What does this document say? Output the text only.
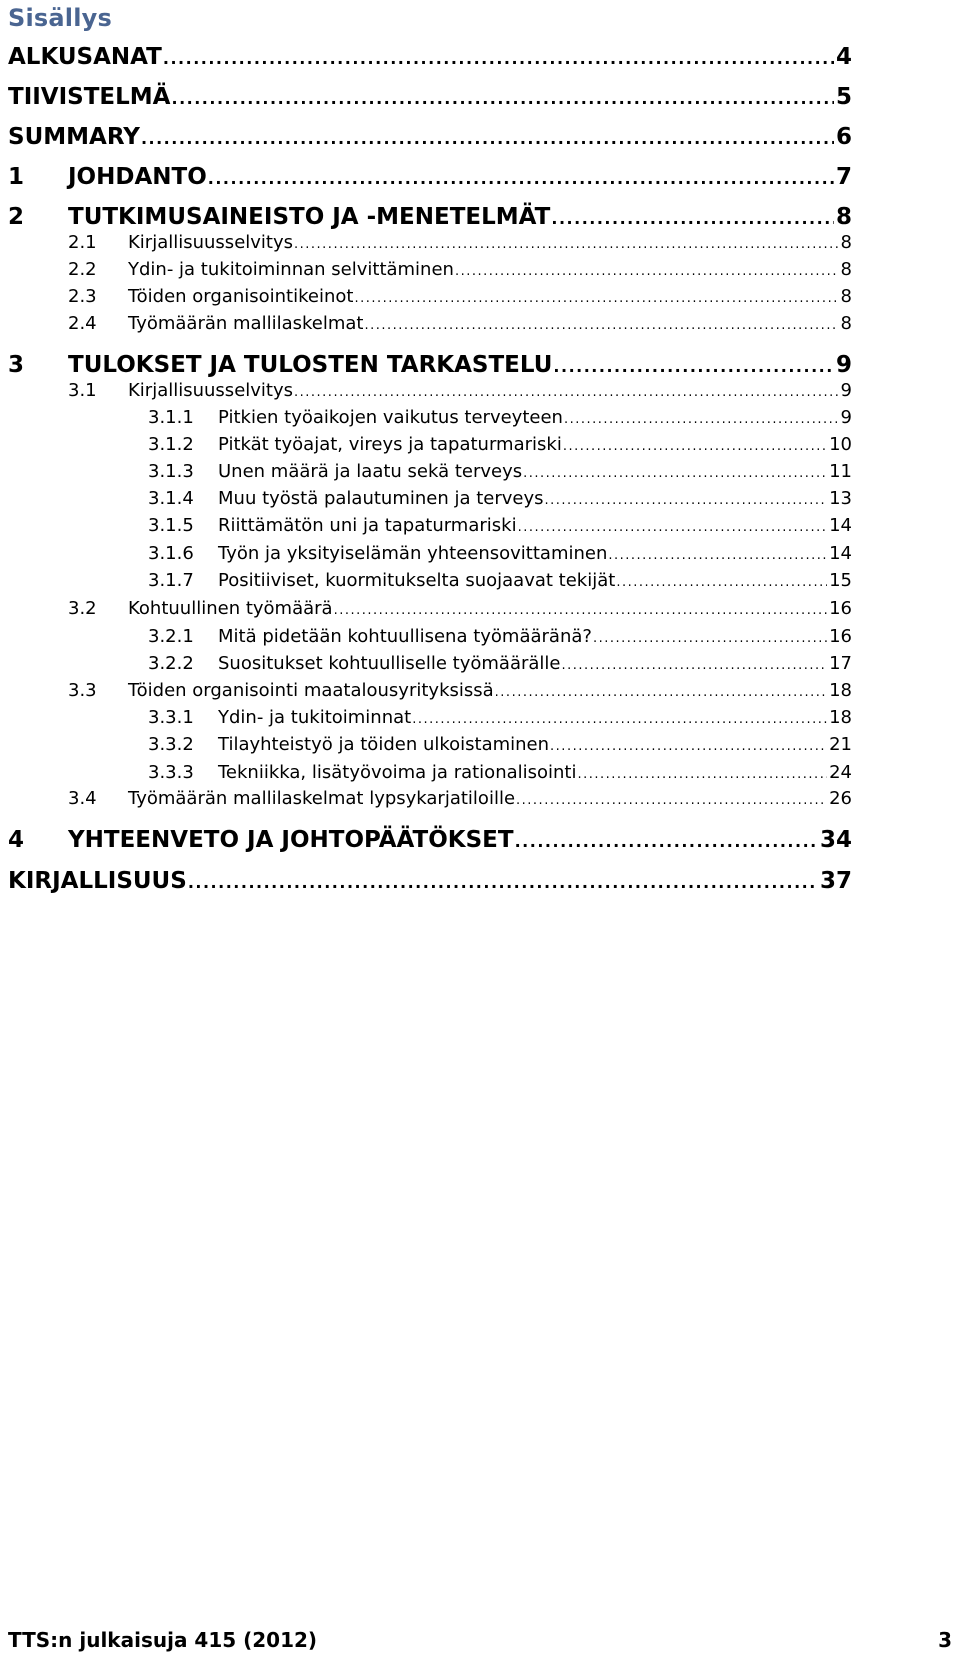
Sisällys
ALKUSANAT .....	4
TIIVISTELMÄ .....	5
SUMMARY .....	6
1	JOHDANTO .....	7
2	TUTKIMUSAINEISTO JA -MENETELMÄT .....	8
2.1	Kirjallisuusselvitys .....	8
2.2	Ydin- ja tukitoiminnan selvittäminen .....	8
2.3	Töiden organisointikeinot .....	8
2.4	Työmäärän mallilaskelmat .....	8
3	TULOKSET JA TULOSTEN TARKASTELU .....	9
3.1	Kirjallisuusselvitys .....	9
3.1.1	Pitkien työaikojen vaikutus terveyteen .....	9
3.1.2	Pitkät työajat, vireys ja tapaturmariski .....	10
3.1.3	Unen määrä ja laatu sekä terveys .....	11
3.1.4	Muu työstä palautuminen ja terveys .....	13
3.1.5	Riittämätön uni ja tapaturmariski .....	14
3.1.6	Työn ja yksityiselämän yhteensovittaminen .....	14
3.1.7	Positiiviset, kuormitukselta suojaavat tekijät .....	15
3.2	Kohtuullinen työmäärä .....	16
3.2.1	Mitä pidetään kohtuullisena työmääränä? .....	16
3.2.2	Suositukset kohtuulliselle työmäärälle .....	17
3.3	Töiden organisointi maatalousyrityksissä .....	18
3.3.1	Ydin- ja tukitoiminnat .....	18
3.3.2	Tilayhteistyö ja töiden ulkoistaminen .....	21
3.3.3	Tekniikka, lisätyövoima ja rationalisointi .....	24
3.4	Työmäärän mallilaskelmat lypsykarjatiloille .....	26
4	YHTEENVETO JA JOHTOPÄÄTÖKSET .....	34
KIRJALLISUUS .....	37
TTS:n julkaisuja 415 (2012)	3
